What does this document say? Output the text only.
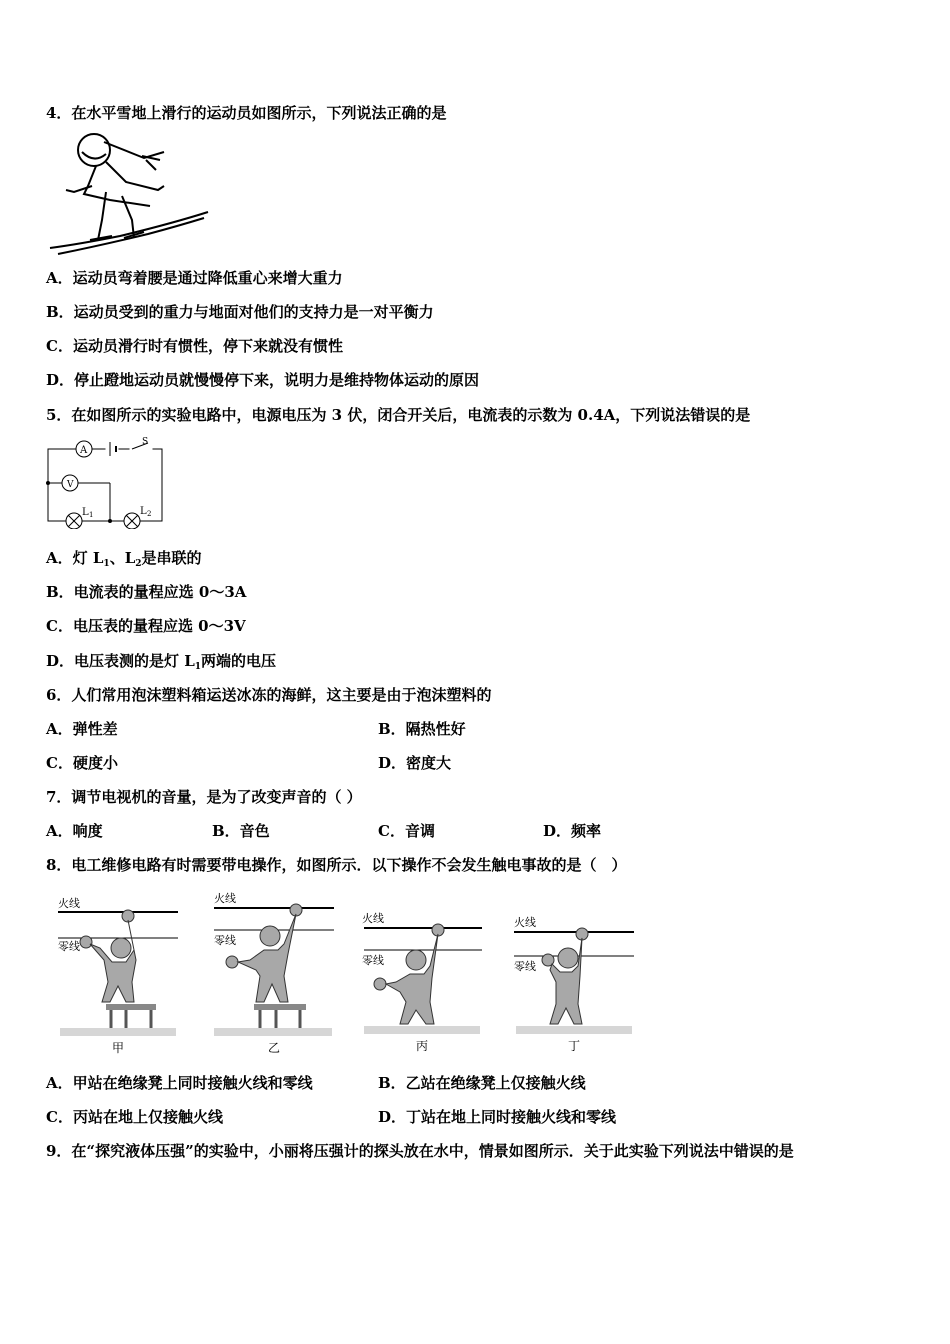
4．在水平雪地上滑行的运动员如图所示，下列说法正确的是
A．运动员弯着腰是通过降低重心来增大重力
B．运动员受到的重力与地面对他们的支持力是一对平衡力
C．运动员滑行时有惯性，停下来就没有惯性
D．停止蹬地运动员就慢慢停下来，说明力是维持物体运动的原因
5．在如图所示的实验电路中，电源电压为 3 伏，闭合开关后，电流表的示数为 0.4A，下列说法错误的是
A
V
S
L 1	L 2
A．灯 $L_1$、$L_2$是串联的
B．电流表的量程应选 0～3A
C．电压表的量程应选 0～3V
D．电压表测的是灯 $L_1$两端的电压
6．人们常用泡沫塑料箱运送冰冻的海鲜，这主要是由于泡沫塑料的
A．弹性差	B．隔热性好
C．硬度小	D．密度大
7．调节电视机的音量，是为了改变声音的（ ）
A．响度	B．音色	C．音调	D．频率
8．电工维修电路有时需要带电操作，如图所示．以下操作不会发生触电事故的是（　）
火线
零线
甲
火线
零线
乙
火线
零线
丙
火线
零线
丁
A．甲站在绝缘凳上同时接触火线和零线	B．乙站在绝缘凳上仅接触火线
C．丙站在地上仅接触火线	D．丁站在地上同时接触火线和零线
9．在“探究液体压强”的实验中，小丽将压强计的探头放在水中，情景如图所示．关于此实验下列说法中错误的是
